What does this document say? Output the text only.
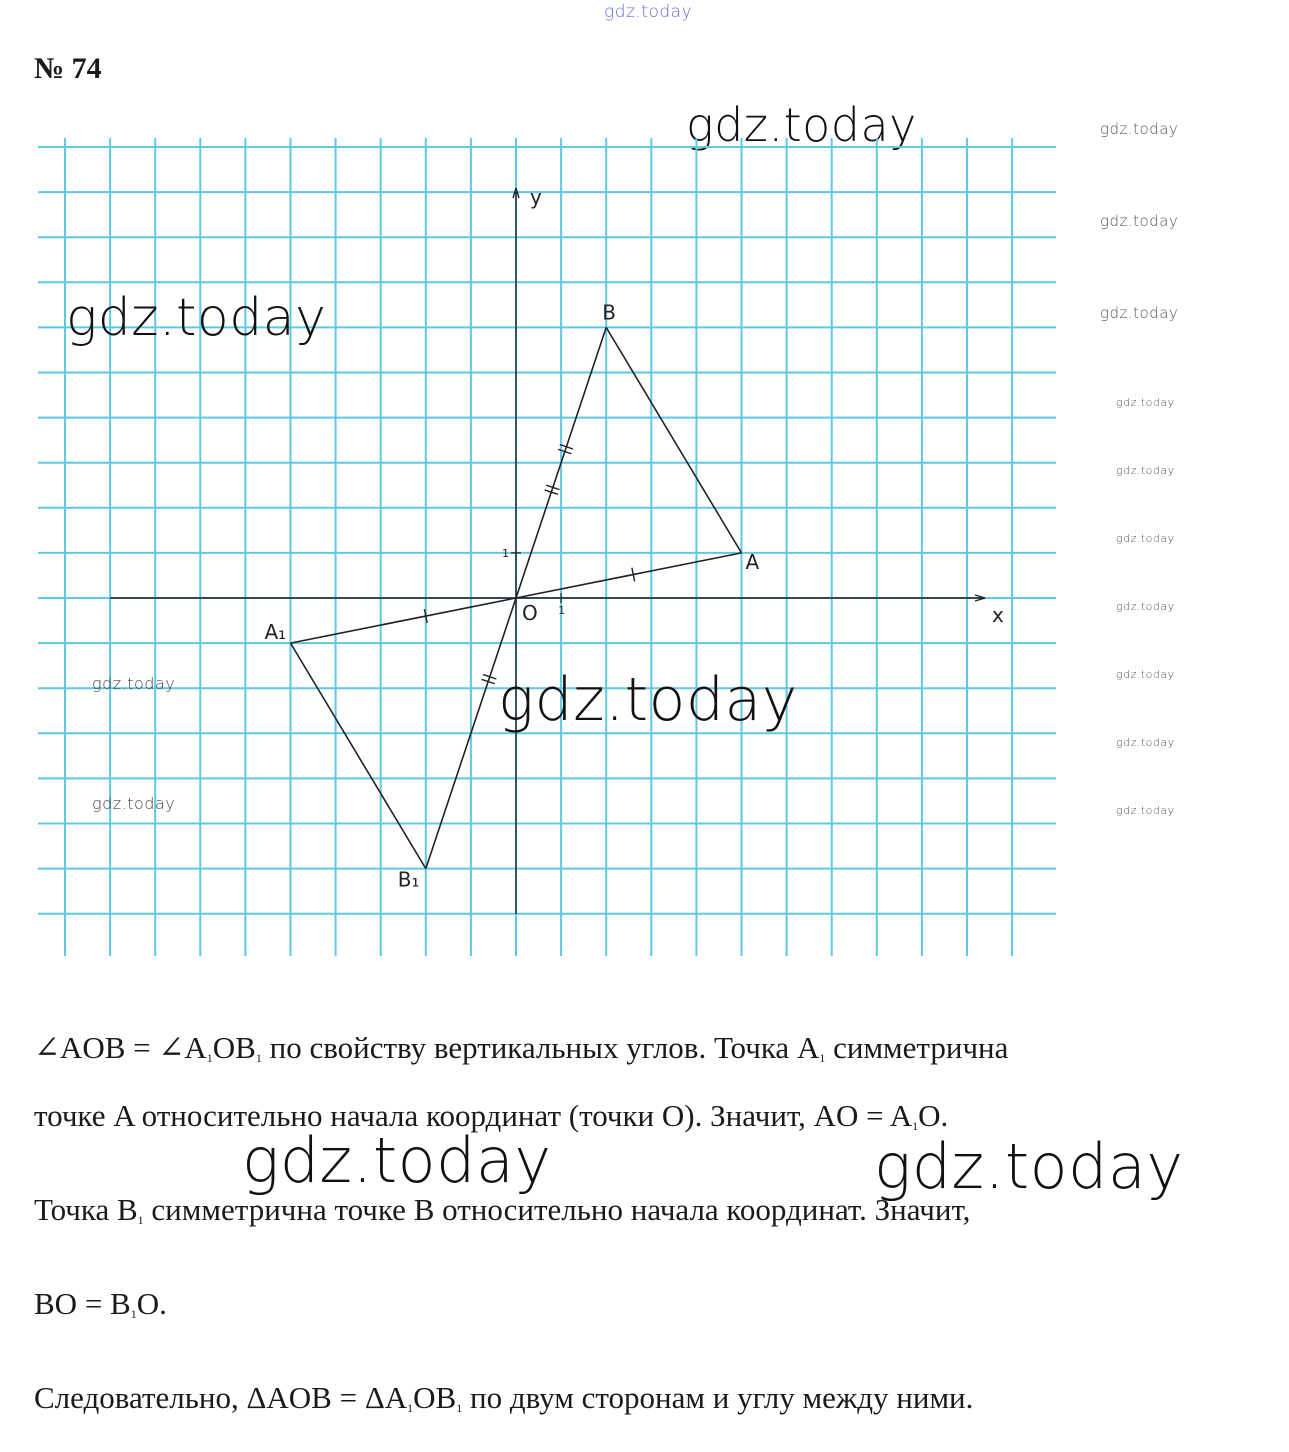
gdz.today
gdz.today	gdz.today
gdz.today
gdz.today
gdz.today
gdz.today
gdz.today
gdz.today
gdz.today
gdz.today
gdz.today
№ 74
x
y
O
1
1
A
B
A₁
B₁
gdz.today
gdz.today
gdz.today
gdz.today
∠AOB = $\angle A_1OB_1$ по свойству вертикальных углов. Точка $A_1$ симметрична
точке A относительно начала координат (точки O). Значит, AO = $A_1O$.
gdz.today	gdz.today
Точка $B_1$ симметрична точке B относительно начала координат. Значит,
BO = $B_1O$.
Следовательно, $\Delta AOB = \Delta A_1OB_1$ по двум сторонам и углу между ними.
